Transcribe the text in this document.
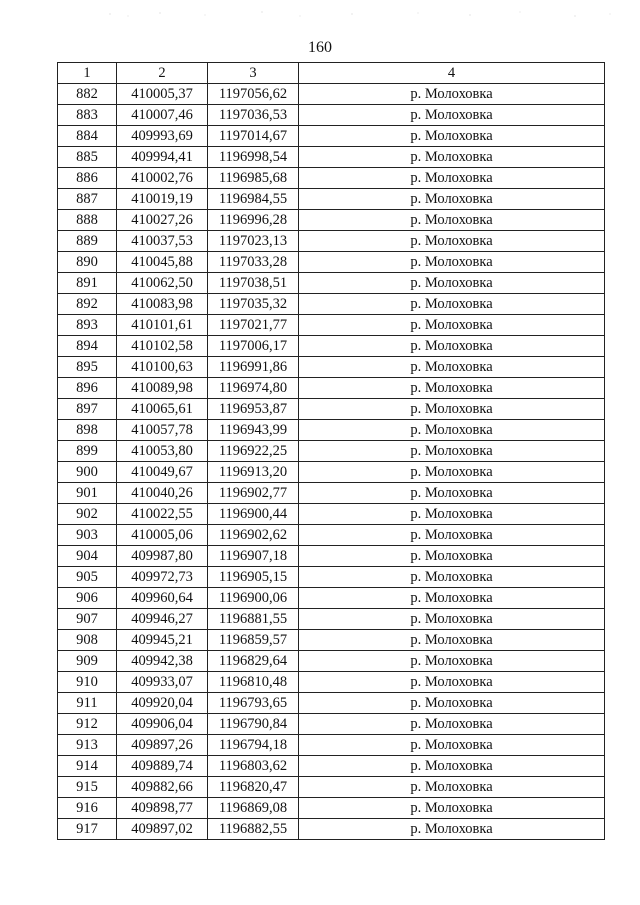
160
1	2	3	4
882	410005,37	1197056,62	р. Молоховка
883	410007,46	1197036,53	р. Молоховка
884	409993,69	1197014,67	р. Молоховка
885	409994,41	1196998,54	р. Молоховка
886	410002,76	1196985,68	р. Молоховка
887	410019,19	1196984,55	р. Молоховка
888	410027,26	1196996,28	р. Молоховка
889	410037,53	1197023,13	р. Молоховка
890	410045,88	1197033,28	р. Молоховка
891	410062,50	1197038,51	р. Молоховка
892	410083,98	1197035,32	р. Молоховка
893	410101,61	1197021,77	р. Молоховка
894	410102,58	1197006,17	р. Молоховка
895	410100,63	1196991,86	р. Молоховка
896	410089,98	1196974,80	р. Молоховка
897	410065,61	1196953,87	р. Молоховка
898	410057,78	1196943,99	р. Молоховка
899	410053,80	1196922,25	р. Молоховка
900	410049,67	1196913,20	р. Молоховка
901	410040,26	1196902,77	р. Молоховка
902	410022,55	1196900,44	р. Молоховка
903	410005,06	1196902,62	р. Молоховка
904	409987,80	1196907,18	р. Молоховка
905	409972,73	1196905,15	р. Молоховка
906	409960,64	1196900,06	р. Молоховка
907	409946,27	1196881,55	р. Молоховка
908	409945,21	1196859,57	р. Молоховка
909	409942,38	1196829,64	р. Молоховка
910	409933,07	1196810,48	р. Молоховка
911	409920,04	1196793,65	р. Молоховка
912	409906,04	1196790,84	р. Молоховка
913	409897,26	1196794,18	р. Молоховка
914	409889,74	1196803,62	р. Молоховка
915	409882,66	1196820,47	р. Молоховка
916	409898,77	1196869,08	р. Молоховка
917	409897,02	1196882,55	р. Молоховка
